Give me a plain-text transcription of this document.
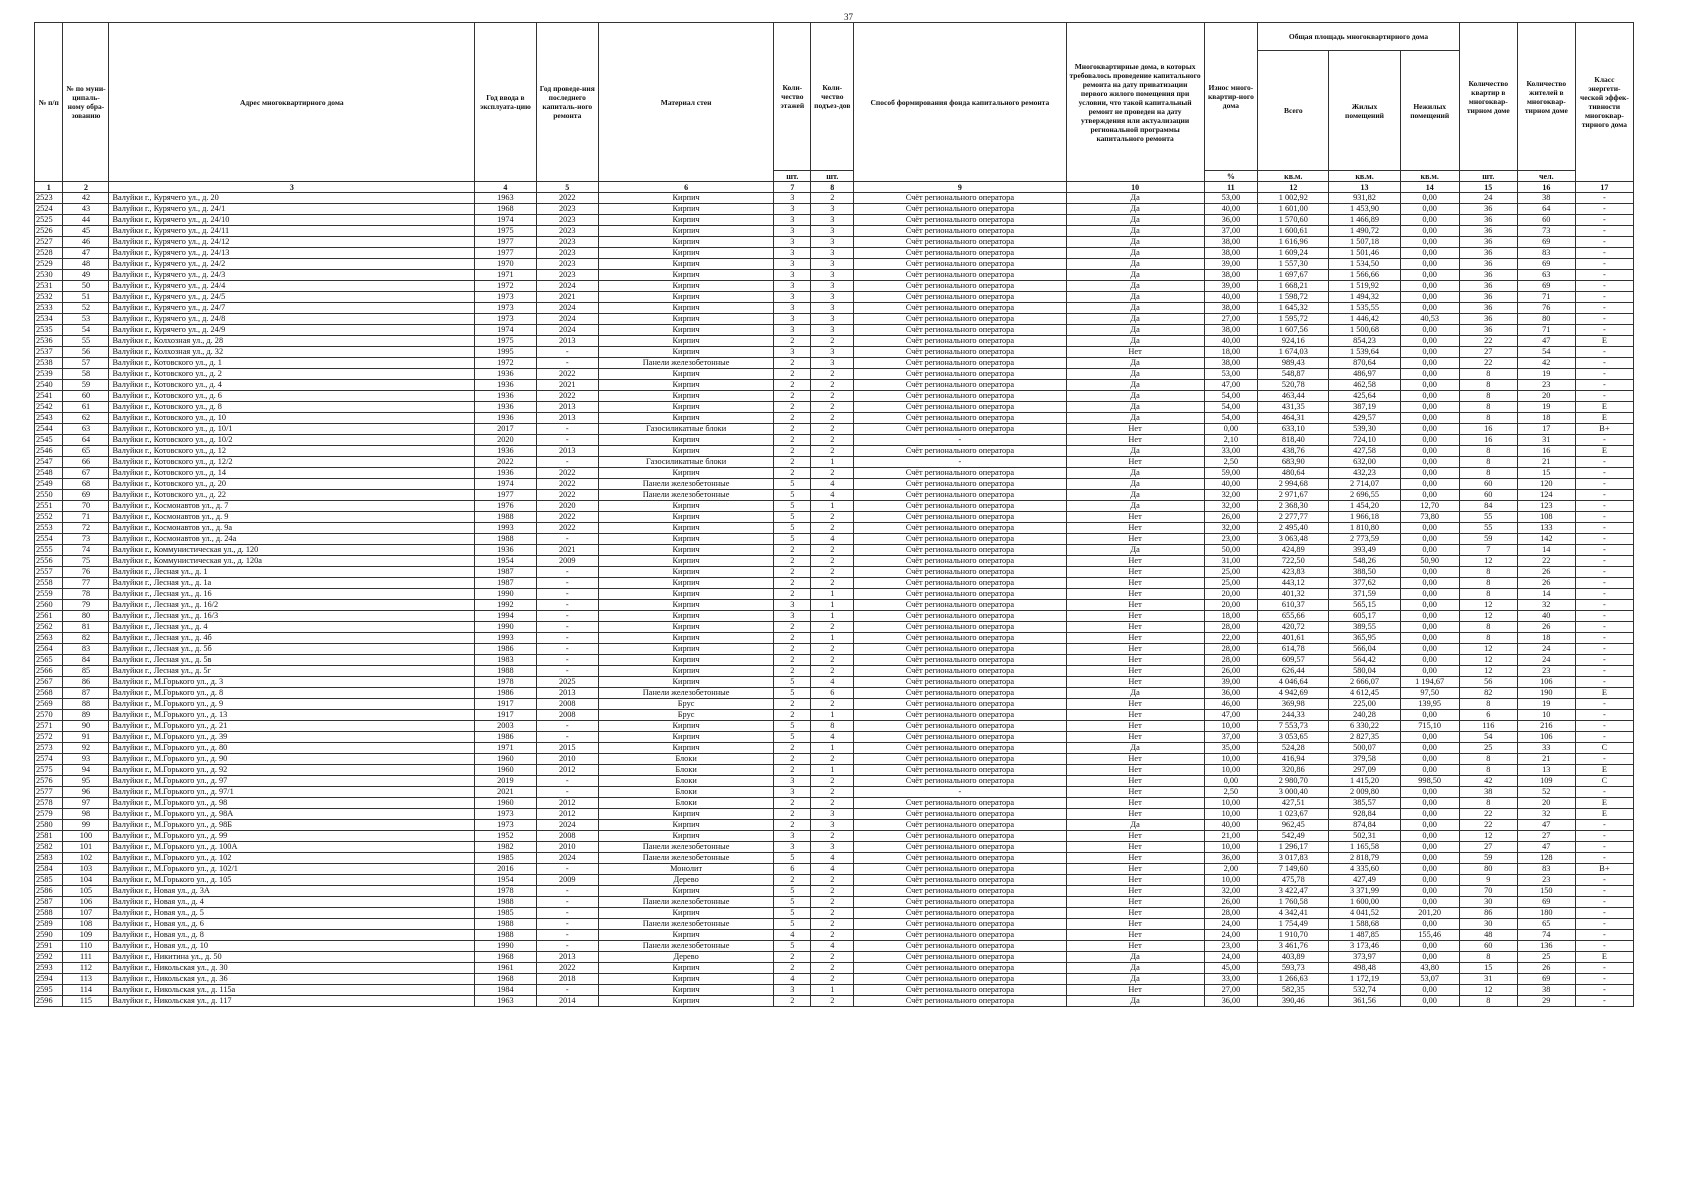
37
№ п/п	№ по муни-ципаль-ному обра-зованию	Адрес многоквартирного дома	Год ввода в эксплуата-цию	Год проведе-ния последнего капиталь-ного ремонта	Материал стен	Коли-чество этажей	Коли-чество подъез-дов	Способ формирования фонда капитального ремонта	Многоквартирные дома, в которых требовалось проведение капитального ремонта на дату приватизации первого жилого помещения при условии, что такой капитальный ремонт не проведен на дату утверждения или актуализации региональной программы капитального ремонта	Износ много-квартир-ного дома	Общая площадь многоквартирного дома			Количество квартир в многоквар-тирном доме	Количество жителей в многоквар-тирном доме	Класс энергети-ческой эффек-тивности многоквар-тирного дома
											Всего	Жилых помещений	Нежилых помещений			
						шт.	шт.			%	кв.м.	кв.м.	кв.м.	шт.	чел.	
1	2	3	4	5	6	7	8	9	10	11	12	13	14	15	16	17
2523	42	Валуйки г., Курячего ул., д. 20	1963	2022	Кирпич	3	2	Счёт регионального оператора	Да	53,00	1 002,92	931,82	0,00	24	38	-
2524	43	Валуйки г., Курячего ул., д. 24/1	1968	2023	Кирпич	3	3	Счёт регионального оператора	Да	40,00	1 601,00	1 453,90	0,00	36	64	-
2525	44	Валуйки г., Курячего ул., д. 24/10	1974	2023	Кирпич	3	3	Счёт регионального оператора	Да	36,00	1 570,60	1 466,89	0,00	36	60	-
2526	45	Валуйки г., Курячего ул., д. 24/11	1975	2023	Кирпич	3	3	Счёт регионального оператора	Да	37,00	1 600,61	1 490,72	0,00	36	73	-
2527	46	Валуйки г., Курячего ул., д. 24/12	1977	2023	Кирпич	3	3	Счёт регионального оператора	Да	38,00	1 616,96	1 507,18	0,00	36	69	-
2528	47	Валуйки г., Курячего ул., д. 24/13	1977	2023	Кирпич	3	3	Счёт регионального оператора	Да	38,00	1 609,24	1 501,46	0,00	36	83	-
2529	48	Валуйки г., Курячего ул., д. 24/2	1970	2023	Кирпич	3	3	Счёт регионального оператора	Да	39,00	1 557,30	1 534,50	0,00	36	69	-
2530	49	Валуйки г., Курячего ул., д. 24/3	1971	2023	Кирпич	3	3	Счёт регионального оператора	Да	38,00	1 697,67	1 566,66	0,00	36	63	-
2531	50	Валуйки г., Курячего ул., д. 24/4	1972	2024	Кирпич	3	3	Счёт регионального оператора	Да	39,00	1 668,21	1 519,92	0,00	36	69	-
2532	51	Валуйки г., Курячего ул., д. 24/5	1973	2021	Кирпич	3	3	Счёт регионального оператора	Да	40,00	1 598,72	1 494,32	0,00	36	71	-
2533	52	Валуйки г., Курячего ул., д. 24/7	1973	2024	Кирпич	3	3	Счёт регионального оператора	Да	38,00	1 645,32	1 535,55	0,00	36	76	-
2534	53	Валуйки г., Курячего ул., д. 24/8	1973	2024	Кирпич	3	3	Счёт регионального оператора	Да	27,00	1 595,72	1 446,42	40,53	36	80	-
2535	54	Валуйки г., Курячего ул., д. 24/9	1974	2024	Кирпич	3	3	Счёт регионального оператора	Да	38,00	1 607,56	1 500,68	0,00	36	71	-
2536	55	Валуйки г., Колхозная ул., д. 28	1975	2013	Кирпич	2	2	Счёт регионального оператора	Да	40,00	924,16	854,23	0,00	22	47	Е
2537	56	Валуйки г., Колхозная ул., д. 32	1995	-	Кирпич	3	3	Счёт регионального оператора	Нет	18,00	1 674,03	1 539,64	0,00	27	54	-
2538	57	Валуйки г., Котовского ул., д. 1	1972	-	Панели железобетонные	2	3	Счёт регионального оператора	Да	38,00	989,43	870,64	0,00	22	42	-
2539	58	Валуйки г., Котовского ул., д. 2	1936	2022	Кирпич	2	2	Счёт регионального оператора	Да	53,00	548,87	486,97	0,00	8	19	-
2540	59	Валуйки г., Котовского ул., д. 4	1936	2021	Кирпич	2	2	Счёт регионального оператора	Да	47,00	520,78	462,58	0,00	8	23	-
2541	60	Валуйки г., Котовского ул., д. 6	1936	2022	Кирпич	2	2	Счёт регионального оператора	Да	54,00	463,44	425,64	0,00	8	20	-
2542	61	Валуйки г., Котовского ул., д. 8	1936	2013	Кирпич	2	2	Счёт регионального оператора	Да	54,00	431,35	387,19	0,00	8	19	Е
2543	62	Валуйки г., Котовского ул., д. 10	1936	2013	Кирпич	2	2	Счёт регионального оператора	Да	54,00	464,31	429,57	0,00	8	18	Е
2544	63	Валуйки г., Котовского ул., д. 10/1	2017	-	Газосиликатные блоки	2	2	Счёт регионального оператора	Нет	0,00	633,10	539,30	0,00	16	17	В+
2545	64	Валуйки г., Котовского ул., д. 10/2	2020	-	Кирпич	2	2	-	Нет	2,10	818,40	724,10	0,00	16	31	-
2546	65	Валуйки г., Котовского ул., д. 12	1936	2013	Кирпич	2	2	Счёт регионального оператора	Да	33,00	438,76	427,58	0,00	8	16	Е
2547	66	Валуйки г., Котовского ул., д. 12/2	2022	-	Газосиликатные блоки	2	1	-	Нет	2,50	683,90	632,00	0,00	8	21	-
2548	67	Валуйки г., Котовского ул., д. 14	1936	2022	Кирпич	2	2	Счёт регионального оператора	Да	59,00	480,64	432,23	0,00	8	15	-
2549	68	Валуйки г., Котовского ул., д. 20	1974	2022	Панели железобетонные	5	4	Счёт регионального оператора	Да	40,00	2 994,68	2 714,07	0,00	60	120	-
2550	69	Валуйки г., Котовского ул., д. 22	1977	2022	Панели железобетонные	5	4	Счёт регионального оператора	Да	32,00	2 971,67	2 696,55	0,00	60	124	-
2551	70	Валуйки г., Космонавтов ул., д. 7	1976	2020	Кирпич	5	1	Счёт регионального оператора	Да	32,00	2 368,30	1 454,20	12,70	84	123	-
2552	71	Валуйки г., Космонавтов ул., д. 9	1988	2022	Кирпич	5	2	Счёт регионального оператора	Нет	26,00	2 277,77	1 966,18	73,80	55	108	-
2553	72	Валуйки г., Космонавтов ул., д. 9а	1993	2022	Кирпич	5	2	Счёт регионального оператора	Нет	32,00	2 495,40	1 810,80	0,00	55	133	-
2554	73	Валуйки г., Космонавтов ул., д. 24а	1988	-	Кирпич	5	4	Счёт регионального оператора	Нет	23,00	3 063,48	2 773,59	0,00	59	142	-
2555	74	Валуйки г., Коммунистическая ул., д. 120	1936	2021	Кирпич	2	2	Счёт регионального оператора	Да	50,00	424,89	393,49	0,00	7	14	-
2556	75	Валуйки г., Коммунистическая ул., д. 120а	1954	2009	Кирпич	2	2	Счёт регионального оператора	Нет	31,00	722,50	548,26	50,90	12	22	-
2557	76	Валуйки г., Лесная ул., д. 1	1987	-	Кирпич	2	2	Счёт регионального оператора	Нет	25,00	423,83	388,50	0,00	8	26	-
2558	77	Валуйки г., Лесная ул., д. 1а	1987	-	Кирпич	2	2	Счёт регионального оператора	Нет	25,00	443,12	377,62	0,00	8	26	-
2559	78	Валуйки г., Лесная ул., д. 16	1990	-	Кирпич	2	1	Счёт регионального оператора	Нет	20,00	401,32	371,59	0,00	8	14	-
2560	79	Валуйки г., Лесная ул., д. 16/2	1992	-	Кирпич	3	1	Счёт регионального оператора	Нет	20,00	610,37	565,15	0,00	12	32	-
2561	80	Валуйки г., Лесная ул., д. 16/3	1994	-	Кирпич	3	1	Счёт регионального оператора	Нет	18,00	655,66	605,17	0,00	12	40	-
2562	81	Валуйки г., Лесная ул., д. 4	1990	-	Кирпич	2	2	Счёт регионального оператора	Нет	28,00	420,72	389,55	0,00	8	26	-
2563	82	Валуйки г., Лесная ул., д. 4б	1993	-	Кирпич	2	1	Счёт регионального оператора	Нет	22,00	401,61	365,95	0,00	8	18	-
2564	83	Валуйки г., Лесная ул., д. 5б	1986	-	Кирпич	2	2	Счёт регионального оператора	Нет	28,00	614,78	566,04	0,00	12	24	-
2565	84	Валуйки г., Лесная ул., д. 5в	1983	-	Кирпич	2	2	Счёт регионального оператора	Нет	28,00	609,57	564,42	0,00	12	24	-
2566	85	Валуйки г., Лесная ул., д. 5г	1988	-	Кирпич	2	2	Счёт регионального оператора	Нет	26,00	626,44	580,04	0,00	12	23	-
2567	86	Валуйки г., М.Горького ул., д. 3	1978	2025	Кирпич	5	4	Счёт регионального оператора	Нет	39,00	4 046,64	2 666,07	1 194,67	56	106	-
2568	87	Валуйки г., М.Горького ул., д. 8	1986	2013	Панели железобетонные	5	6	Счёт регионального оператора	Да	36,00	4 942,69	4 612,45	97,50	82	190	Е
2569	88	Валуйки г., М.Горького ул., д. 9	1917	2008	Брус	2	2	Счёт регионального оператора	Нет	46,00	369,98	225,00	139,95	8	19	-
2570	89	Валуйки г., М.Горького ул., д. 13	1917	2008	Брус	2	1	Счёт регионального оператора	Нет	47,00	244,33	240,28	0,00	6	10	-
2571	90	Валуйки г., М.Горького ул., д. 21	2003	-	Кирпич	5	8	Счёт регионального оператора	Нет	10,00	7 553,73	6 330,22	715,10	116	216	-
2572	91	Валуйки г., М.Горького ул., д. 39	1986	-	Кирпич	5	4	Счёт регионального оператора	Нет	37,00	3 053,65	2 827,35	0,00	54	106	-
2573	92	Валуйки г., М.Горького ул., д. 80	1971	2015	Кирпич	2	1	Счёт регионального оператора	Да	35,00	524,28	500,07	0,00	25	33	С
2574	93	Валуйки г., М.Горького ул., д. 90	1960	2010	Блоки	2	2	Счёт регионального оператора	Нет	10,00	416,94	379,58	0,00	8	21	-
2575	94	Валуйки г., М.Горького ул., д. 92	1960	2012	Блоки	2	1	Счёт регионального оператора	Нет	10,00	320,86	297,09	0,00	8	13	Е
2576	95	Валуйки г., М.Горького ул., д. 97	2019	-	Блоки	3	2	Счёт регионального оператора	Нет	0,00	2 980,70	1 415,20	998,50	42	109	С
2577	96	Валуйки г., М.Горького ул., д. 97/1	2021	-	Блоки	3	2	-	Нет	2,50	3 000,40	2 009,80	0,00	38	52	-
2578	97	Валуйки г., М.Горького ул., д. 98	1960	2012	Блоки	2	2	Счет регионального оператора	Нет	10,00	427,51	385,57	0,00	8	20	Е
2579	98	Валуйки г., М.Горького ул., д. 98А	1973	2012	Кирпич	2	3	Счёт регионального оператора	Нет	10,00	1 023,67	928,84	0,00	22	32	Е
2580	99	Валуйки г., М.Горького ул., д. 98Б	1973	2024	Кирпич	2	3	Счёт регионального оператора	Да	40,00	962,45	874,84	0,00	22	47	-
2581	100	Валуйки г., М.Горького ул., д. 99	1952	2008	Кирпич	3	2	Счёт регионального оператора	Нет	21,00	542,49	502,31	0,00	12	27	-
2582	101	Валуйки г., М.Горького ул., д. 100А	1982	2010	Панели железобетонные	3	3	Счёт регионального оператора	Нет	10,00	1 296,17	1 165,58	0,00	27	47	-
2583	102	Валуйки г., М.Горького ул., д. 102	1985	2024	Панели железобетонные	5	4	Счёт регионального оператора	Нет	36,00	3 017,83	2 818,79	0,00	59	128	-
2584	103	Валуйки г., М.Горького ул., д. 102/1	2016	-	Монолит	6	4	Счёт регионального оператора	Нет	2,00	7 149,60	4 335,60	0,00	80	83	В+
2585	104	Валуйки г., М.Горького ул., д. 105	1954	2009	Дерево	2	2	Счёт регионального оператора	Нет	10,00	475,78	427,49	0,00	9	23	-
2586	105	Валуйки г., Новая ул., д. 3А	1978	-	Кирпич	5	2	Счет регионального оператора	Нет	32,00	3 422,47	3 371,99	0,00	70	150	-
2587	106	Валуйки г., Новая ул., д. 4	1988	-	Панели железобетонные	5	2	Счёт регионального оператора	Нет	26,00	1 760,58	1 600,00	0,00	30	69	-
2588	107	Валуйки г., Новая ул., д. 5	1985	-	Кирпич	5	2	Счёт регионального оператора	Нет	28,00	4 342,41	4 041,52	201,20	86	180	-
2589	108	Валуйки г., Новая ул., д. 6	1988	-	Панели железобетонные	5	2	Счёт регионального оператора	Нет	24,00	1 754,49	1 588,68	0,00	30	65	-
2590	109	Валуйки г., Новая ул., д. 8	1988	-	Кирпич	4	2	Счёт регионального оператора	Нет	24,00	1 910,70	1 487,85	155,46	48	74	-
2591	110	Валуйки г., Новая ул., д. 10	1990	-	Панели железобетонные	5	4	Счёт регионального оператора	Нет	23,00	3 461,76	3 173,46	0,00	60	136	-
2592	111	Валуйки г., Никитина ул., д. 50	1968	2013	Дерево	2	2	Счёт регионального оператора	Да	24,00	403,89	373,97	0,00	8	25	Е
2593	112	Валуйки г., Никольская ул., д. 30	1961	2022	Кирпич	2	2	Счёт регионального оператора	Да	45,00	593,73	498,48	43,80	15	26	-
2594	113	Валуйки г., Никольская ул., д. 36	1968	2018	Кирпич	4	2	Счёт регионального оператора	Да	33,00	1 266,63	1 172,19	53,07	31	69	-
2595	114	Валуйки г., Никольская ул., д. 115а	1984	-	Кирпич	3	1	Счёт регионального оператора	Нет	27,00	582,35	532,74	0,00	12	38	-
2596	115	Валуйки г., Никольская ул., д. 117	1963	2014	Кирпич	2	2	Счёт регионального оператора	Да	36,00	390,46	361,56	0,00	8	29	-
